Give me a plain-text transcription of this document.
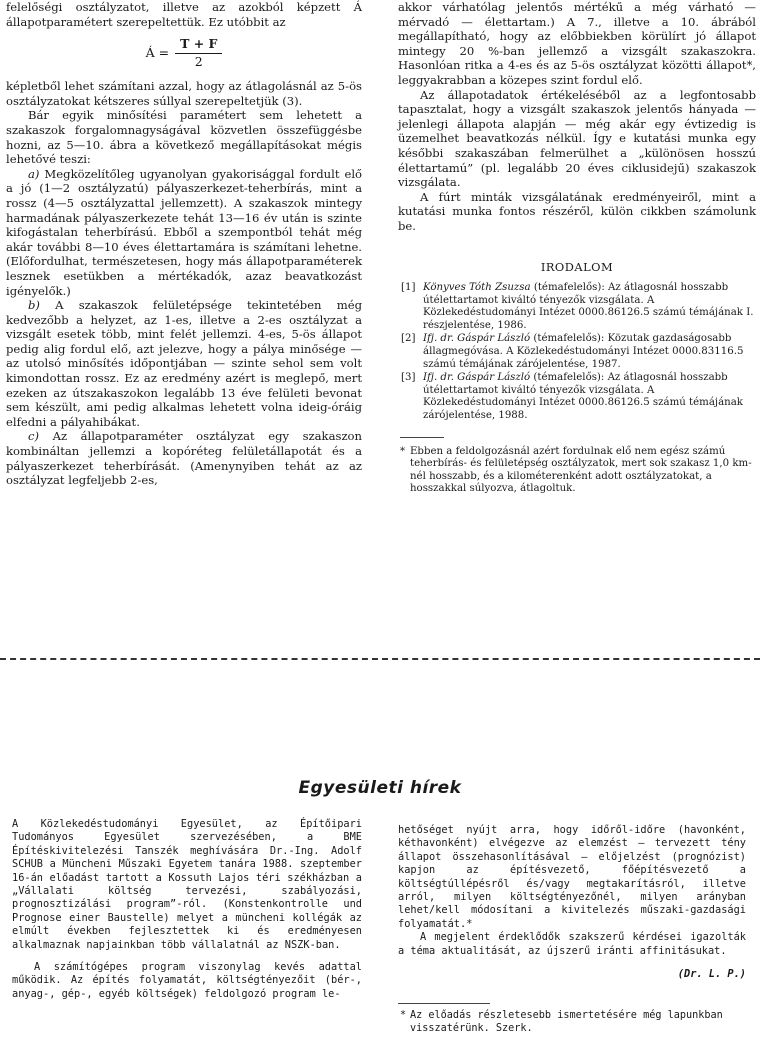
felelőségi osztályzatot, illetve az azokból képzett Á állapotparamétert szerepeltettük. Ez utóbbit az

Á = $\frac{T + F}{2}$

képletből lehet számítani azzal, hogy az átlagolásnál az 5-ös osztályzatokat kétszeres súllyal szerepeltetjük (3).

Bár egyik minősítési paramétert sem lehetett a szakaszok forgalomnagyságával közvetlen összefüggésbe hozni, az 5—10. ábra a következő megállapításokat mégis lehetővé teszi:

a) Megközelítőleg ugyanolyan gyakorisággal fordult elő a jó (1—2 osztályzatú) pályaszerkezet-teherbírás, mint a rossz (4—5 osztályzattal jellemzett). A szakaszok mintegy harmadának pályaszerkezete tehát 13—16 év után is szinte kifogástalan teherbírású. Ebből a szempontból tehát még akár további 8—10 éves élettartamára is számítani lehetne. (Előfordulhat, természetesen, hogy más állapotparaméterek lesznek esetükben a mértékadók, azaz beavatkozást igényelők.)

b) A szakaszok felületépsége tekintetében még kedvezőbb a helyzet, az 1-es, illetve a 2-es osztályzat a vizsgált esetek több, mint felét jellemzi. 4-es, 5-ös állapot pedig alig fordul elő, azt jelezve, hogy a pálya minősége — az utolsó minősítés időpontjában — szinte sehol sem volt kimondottan rossz. Ez az eredmény azért is meglepő, mert ezeken az útszakaszokon legalább 13 éve felületi bevonat sem készült, ami pedig alkalmas lehetett volna ideig-óráig elfedni a pályahibákat.

c) Az állapotparaméter osztályzat egy szakaszon kombináltan jellemzi a kopóréteg felületállapotát és a pályaszerkezet teherbírását. (Amenynyiben tehát az az osztályzat legfeljebb 2-es,

akkor várhatólag jelentős mértékű a még várható — mérvadó — élettartam.) A 7., illetve a 10. ábrából megállapítható, hogy az előbbiekben körülírt jó állapot mintegy 20 %-ban jellemző a vizsgált szakaszokra. Hasonlóan ritka a 4-es és az 5-ös osztályzat közötti állapot*, leggyakrabban a közepes szint fordul elő.

Az állapotadatok értékeléséből az a legfontosabb tapasztalat, hogy a vizsgált szakaszok jelentős hányada — jelenlegi állapota alapján — még akár egy évtizedig is üzemelhet beavatkozás nélkül. Így e kutatási munka egy későbbi szakaszában felmerülhet a „különösen hosszú élettartamú” (pl. legalább 20 éves ciklusidejű) szakaszok vizsgálata.

A fúrt minták vizsgálatának eredményeiről, mint a kutatási munka fontos részéről, külön cikkben számolunk be.

IRODALOM
[1] Könyves Tóth Zsuzsa (témafelelős): Az átlagosnál hosszabb útélettartamot kiváltó tényezők vizsgálata. A Közlekedéstudományi Intézet 0000.86126.5 számú témájának I. részjelentése, 1986.
[2] Ifj. dr. Gáspár László (témafelelős): Közutak gazdaságosabb állagmegóvása. A Közlekedéstudományi Intézet 0000.83116.5 számú témájának zárójelentése, 1987.
[3] Ifj. dr. Gáspár László (témafelelős): Az átlagosnál hosszabb útélettartamot kiváltó tényezők vizsgálata. A Közlekedéstudományi Intézet 0000.86126.5 számú témájának zárójelentése, 1988.
* Ebben a feldolgozásnál azért fordulnak elő nem egész számú teherbírás- és felületépség osztályzatok, mert sok szakasz 1,0 km-nél hosszabb, és a kilométerenként adott osztályzatokat, a hosszakkal súlyozva, átlagoltuk.
Egyesületi hírek

A Közlekedéstudományi Egyesület, az Építőipari Tudományos Egyesület szervezésében, a BME Építéskivitelezési Tanszék meghívására Dr.-Ing. Adolf SCHUB a Müncheni Műszaki Egyetem tanára 1988. szeptember 16-án előadást tartott a Kossuth Lajos téri székházban a „Vállalati költség tervezési, szabályozási, prognosztizálási program”-ról. (Konstenkontrolle und Prognose einer Baustelle) melyet a müncheni kollégák az elmúlt években fejlesztettek ki és eredményesen alkalmaznak napjainkban több vállalatnál az NSZK-ban.

A számítógépes program viszonylag kevés adattal működik. Az építés folyamatát, költségtényezőit (bér-, anyag-, gép-, egyéb költségek) feldolgozó program le-

hetőséget nyújt arra, hogy időről-időre (havonként, kéthavonként) elvégezve az elemzést — tervezett tény állapot összehasonlításával — előjelzést (prognózist) kapjon az építésvezető, főépítésvezető a költségtúllépésről és/vagy megtakarításról, illetve arról, milyen költségtényezőnél, milyen arányban lehet/kell módosítani a kivitelezés műszaki-gazdasági folyamatát.*

A megjelent érdeklődők szakszerű kérdései igazolták a téma aktualitását, az újszerű iránti affinitásukat.

(Dr. L. P.)
* Az előadás részletesebb ismertetésére még lapunkban visszatérünk. Szerk.
